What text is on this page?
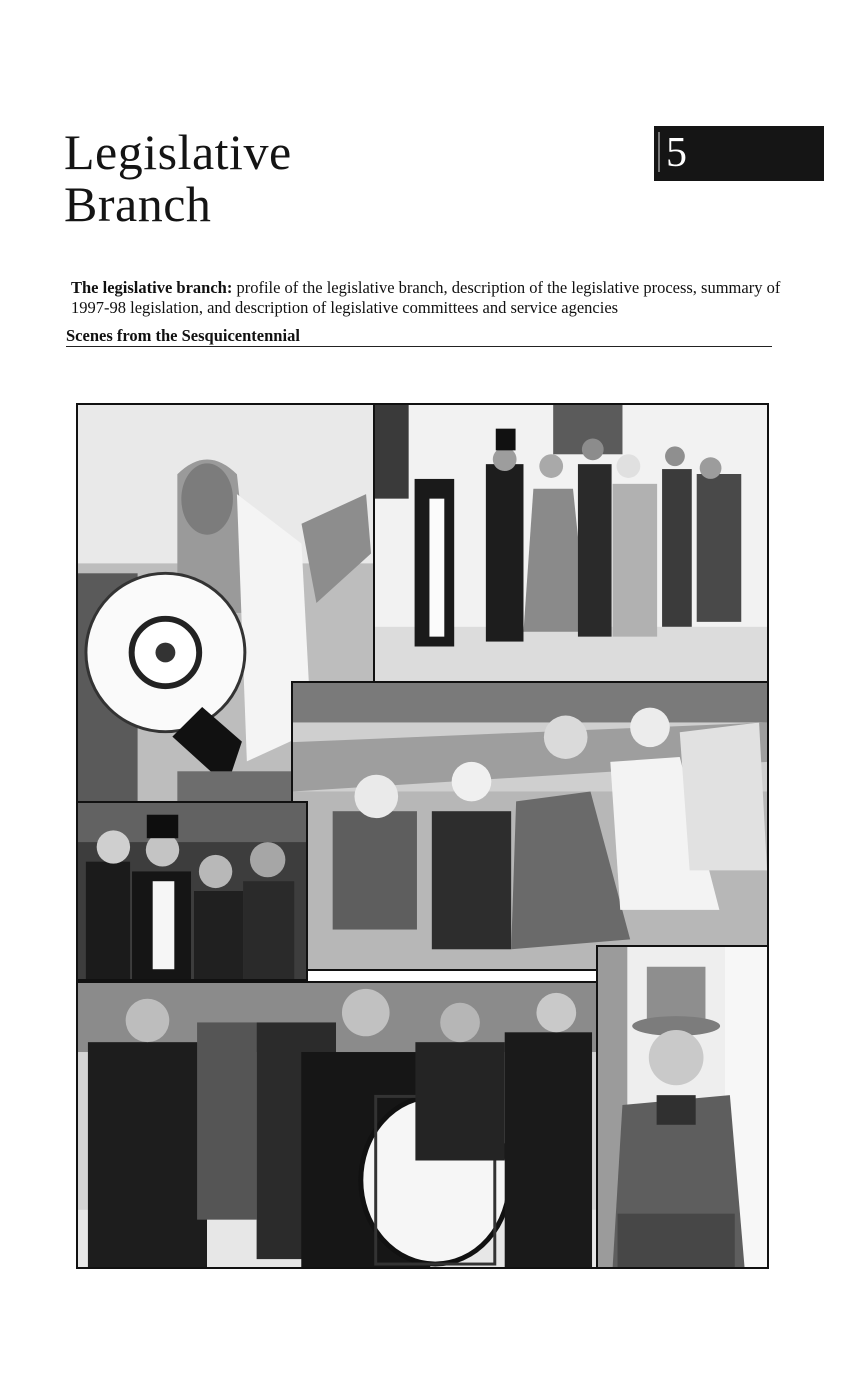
Legislative
Branch
5
The legislative branch: profile of the legislative branch, description of the legislative process, summary of 1997-98 legislation, and description of legislative committees and service agencies
Scenes from the Sesquicentennial
